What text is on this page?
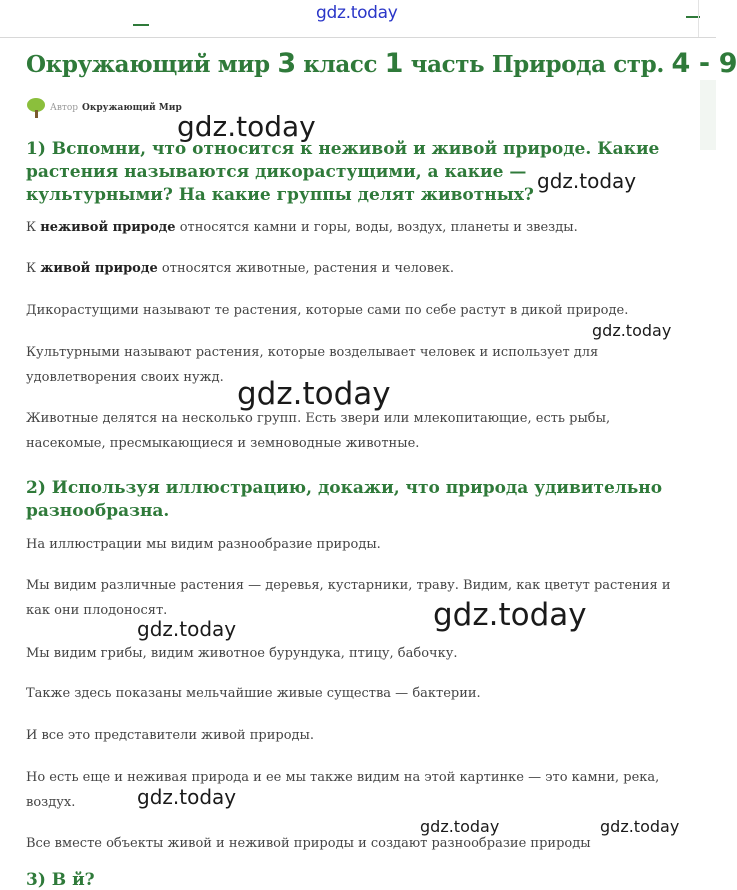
gdz.today
Окружающий мир 3 класс 1 часть Природа стр. 4 - 9
Автор Окружающий Мир
1) Вспомни, что относится к неживой и живой природе. Какие растения называются дикорастущими, а какие — культурными? На какие группы делят животных?

К неживой природе относятся камни и горы, воды, воздух, планеты и звезды.

К живой природе относятся животные, растения и человек.

Дикорастущими называют те растения, которые сами по себе растут в дикой природе.

Культурными называют растения, которые возделывает человек и использует для удовлетворения своих нужд.

Животные делятся на несколько групп. Есть звери или млекопитающие, есть рыбы, насекомые, пресмыкающиеся и земноводные животные.

2) Используя иллюстрацию, докажи, что природа удивительно разнообразна.

На иллюстрации мы видим разнообразие природы.

Мы видим различные растения — деревья, кустарники, траву. Видим, как цветут растения и как они плодоносят.

Мы видим грибы, видим животное бурундука, птицу, бабочку.

Также здесь показаны мельчайшие живые существа — бактерии.

И все это представители живой природы.

Но есть еще и неживая природа и ее мы также видим на этой картинке — это камни, река, воздух.

Все вместе объекты живой и неживой природы и создают разнообразие природы

3) В й?
gdz.today
gdz.today
gdz.today
gdz.today
gdz.today
gdz.today
gdz.today
gdz.today	gdz.today
